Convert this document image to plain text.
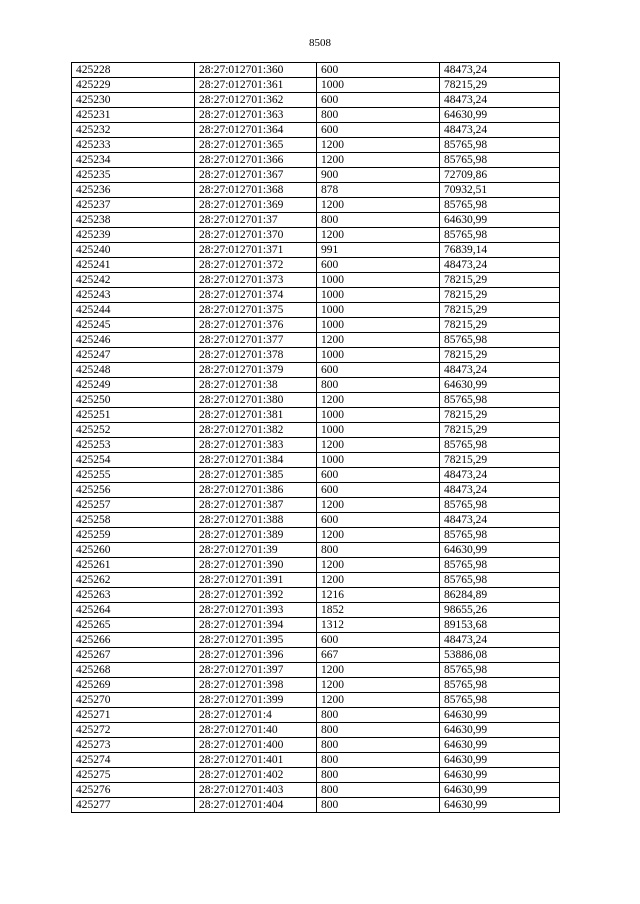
8508
425228	28:27:012701:360	600	48473,24
425229	28:27:012701:361	1000	78215,29
425230	28:27:012701:362	600	48473,24
425231	28:27:012701:363	800	64630,99
425232	28:27:012701:364	600	48473,24
425233	28:27:012701:365	1200	85765,98
425234	28:27:012701:366	1200	85765,98
425235	28:27:012701:367	900	72709,86
425236	28:27:012701:368	878	70932,51
425237	28:27:012701:369	1200	85765,98
425238	28:27:012701:37	800	64630,99
425239	28:27:012701:370	1200	85765,98
425240	28:27:012701:371	991	76839,14
425241	28:27:012701:372	600	48473,24
425242	28:27:012701:373	1000	78215,29
425243	28:27:012701:374	1000	78215,29
425244	28:27:012701:375	1000	78215,29
425245	28:27:012701:376	1000	78215,29
425246	28:27:012701:377	1200	85765,98
425247	28:27:012701:378	1000	78215,29
425248	28:27:012701:379	600	48473,24
425249	28:27:012701:38	800	64630,99
425250	28:27:012701:380	1200	85765,98
425251	28:27:012701:381	1000	78215,29
425252	28:27:012701:382	1000	78215,29
425253	28:27:012701:383	1200	85765,98
425254	28:27:012701:384	1000	78215,29
425255	28:27:012701:385	600	48473,24
425256	28:27:012701:386	600	48473,24
425257	28:27:012701:387	1200	85765,98
425258	28:27:012701:388	600	48473,24
425259	28:27:012701:389	1200	85765,98
425260	28:27:012701:39	800	64630,99
425261	28:27:012701:390	1200	85765,98
425262	28:27:012701:391	1200	85765,98
425263	28:27:012701:392	1216	86284,89
425264	28:27:012701:393	1852	98655,26
425265	28:27:012701:394	1312	89153,68
425266	28:27:012701:395	600	48473,24
425267	28:27:012701:396	667	53886,08
425268	28:27:012701:397	1200	85765,98
425269	28:27:012701:398	1200	85765,98
425270	28:27:012701:399	1200	85765,98
425271	28:27:012701:4	800	64630,99
425272	28:27:012701:40	800	64630,99
425273	28:27:012701:400	800	64630,99
425274	28:27:012701:401	800	64630,99
425275	28:27:012701:402	800	64630,99
425276	28:27:012701:403	800	64630,99
425277	28:27:012701:404	800	64630,99
